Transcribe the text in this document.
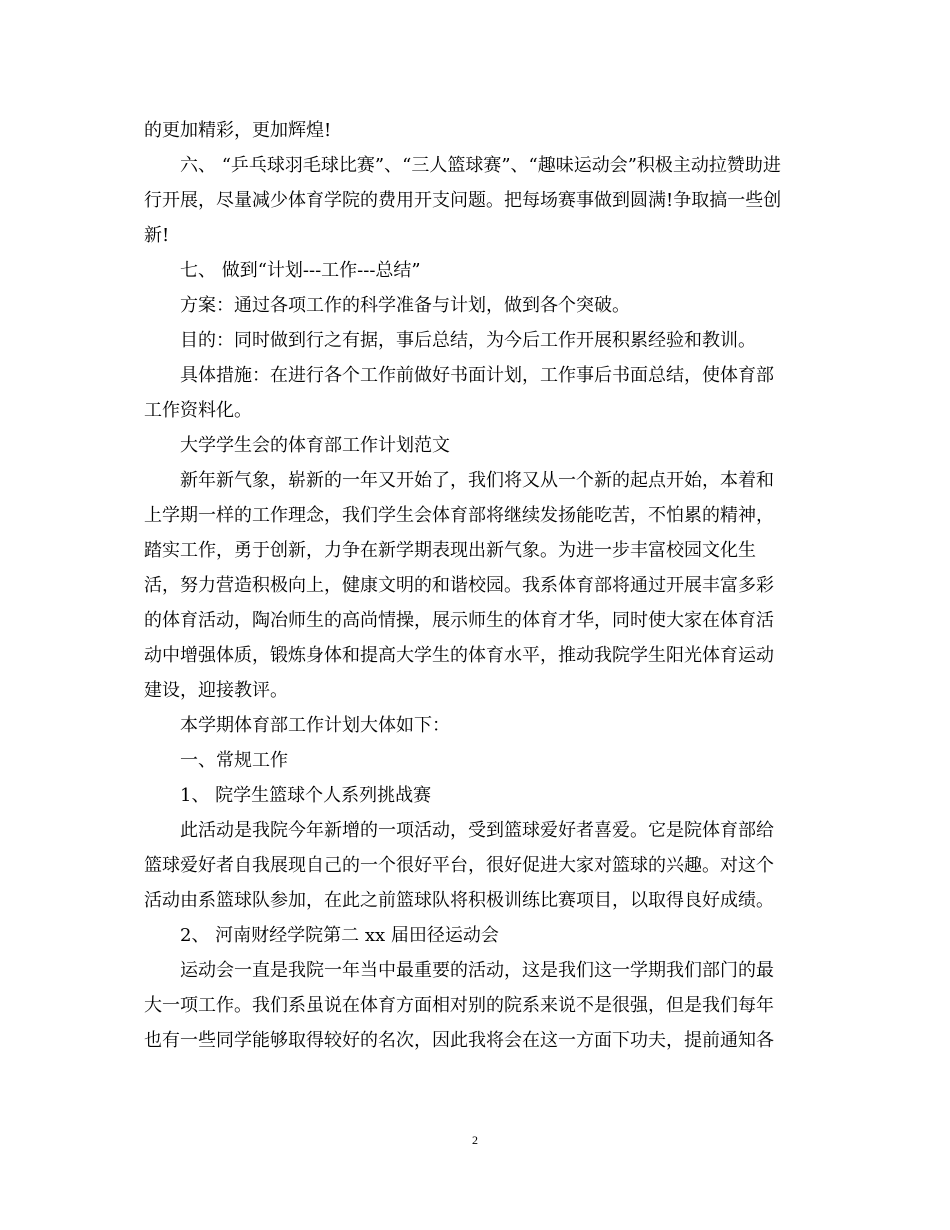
的更加精彩，更加辉煌!
六、 “乒乓球羽毛球比赛”、“三人篮球赛”、“趣味运动会”积极主动拉赞助进
行开展，尽量减少体育学院的费用开支问题。把每场赛事做到圆满!争取搞一些创
新!
七、 做到“计划---工作---总结”
方案：通过各项工作的科学准备与计划，做到各个突破。
目的：同时做到行之有据，事后总结，为今后工作开展积累经验和教训。
具体措施：在进行各个工作前做好书面计划，工作事后书面总结，使体育部
工作资料化。
大学学生会的体育部工作计划范文
新年新气象，崭新的一年又开始了，我们将又从一个新的起点开始，本着和
上学期一样的工作理念，我们学生会体育部将继续发扬能吃苦，不怕累的精神，
踏实工作，勇于创新，力争在新学期表现出新气象。为进一步丰富校园文化生
活，努力营造积极向上，健康文明的和谐校园。我系体育部将通过开展丰富多彩
的体育活动，陶冶师生的高尚情操，展示师生的体育才华，同时使大家在体育活
动中增强体质，锻炼身体和提高大学生的体育水平，推动我院学生阳光体育运动
建设，迎接教评。
本学期体育部工作计划大体如下：
一、常规工作
1、 院学生篮球个人系列挑战赛
此活动是我院今年新增的一项活动，受到篮球爱好者喜爱。它是院体育部给
篮球爱好者自我展现自己的一个很好平台，很好促进大家对篮球的兴趣。对这个
活动由系篮球队参加，在此之前篮球队将积极训练比赛项目，以取得良好成绩。
2、 河南财经学院第二 xx 届田径运动会
运动会一直是我院一年当中最重要的活动，这是我们这一学期我们部门的最
大一项工作。我们系虽说在体育方面相对别的院系来说不是很强，但是我们每年
也有一些同学能够取得较好的名次，因此我将会在这一方面下功夫，提前通知各
2
